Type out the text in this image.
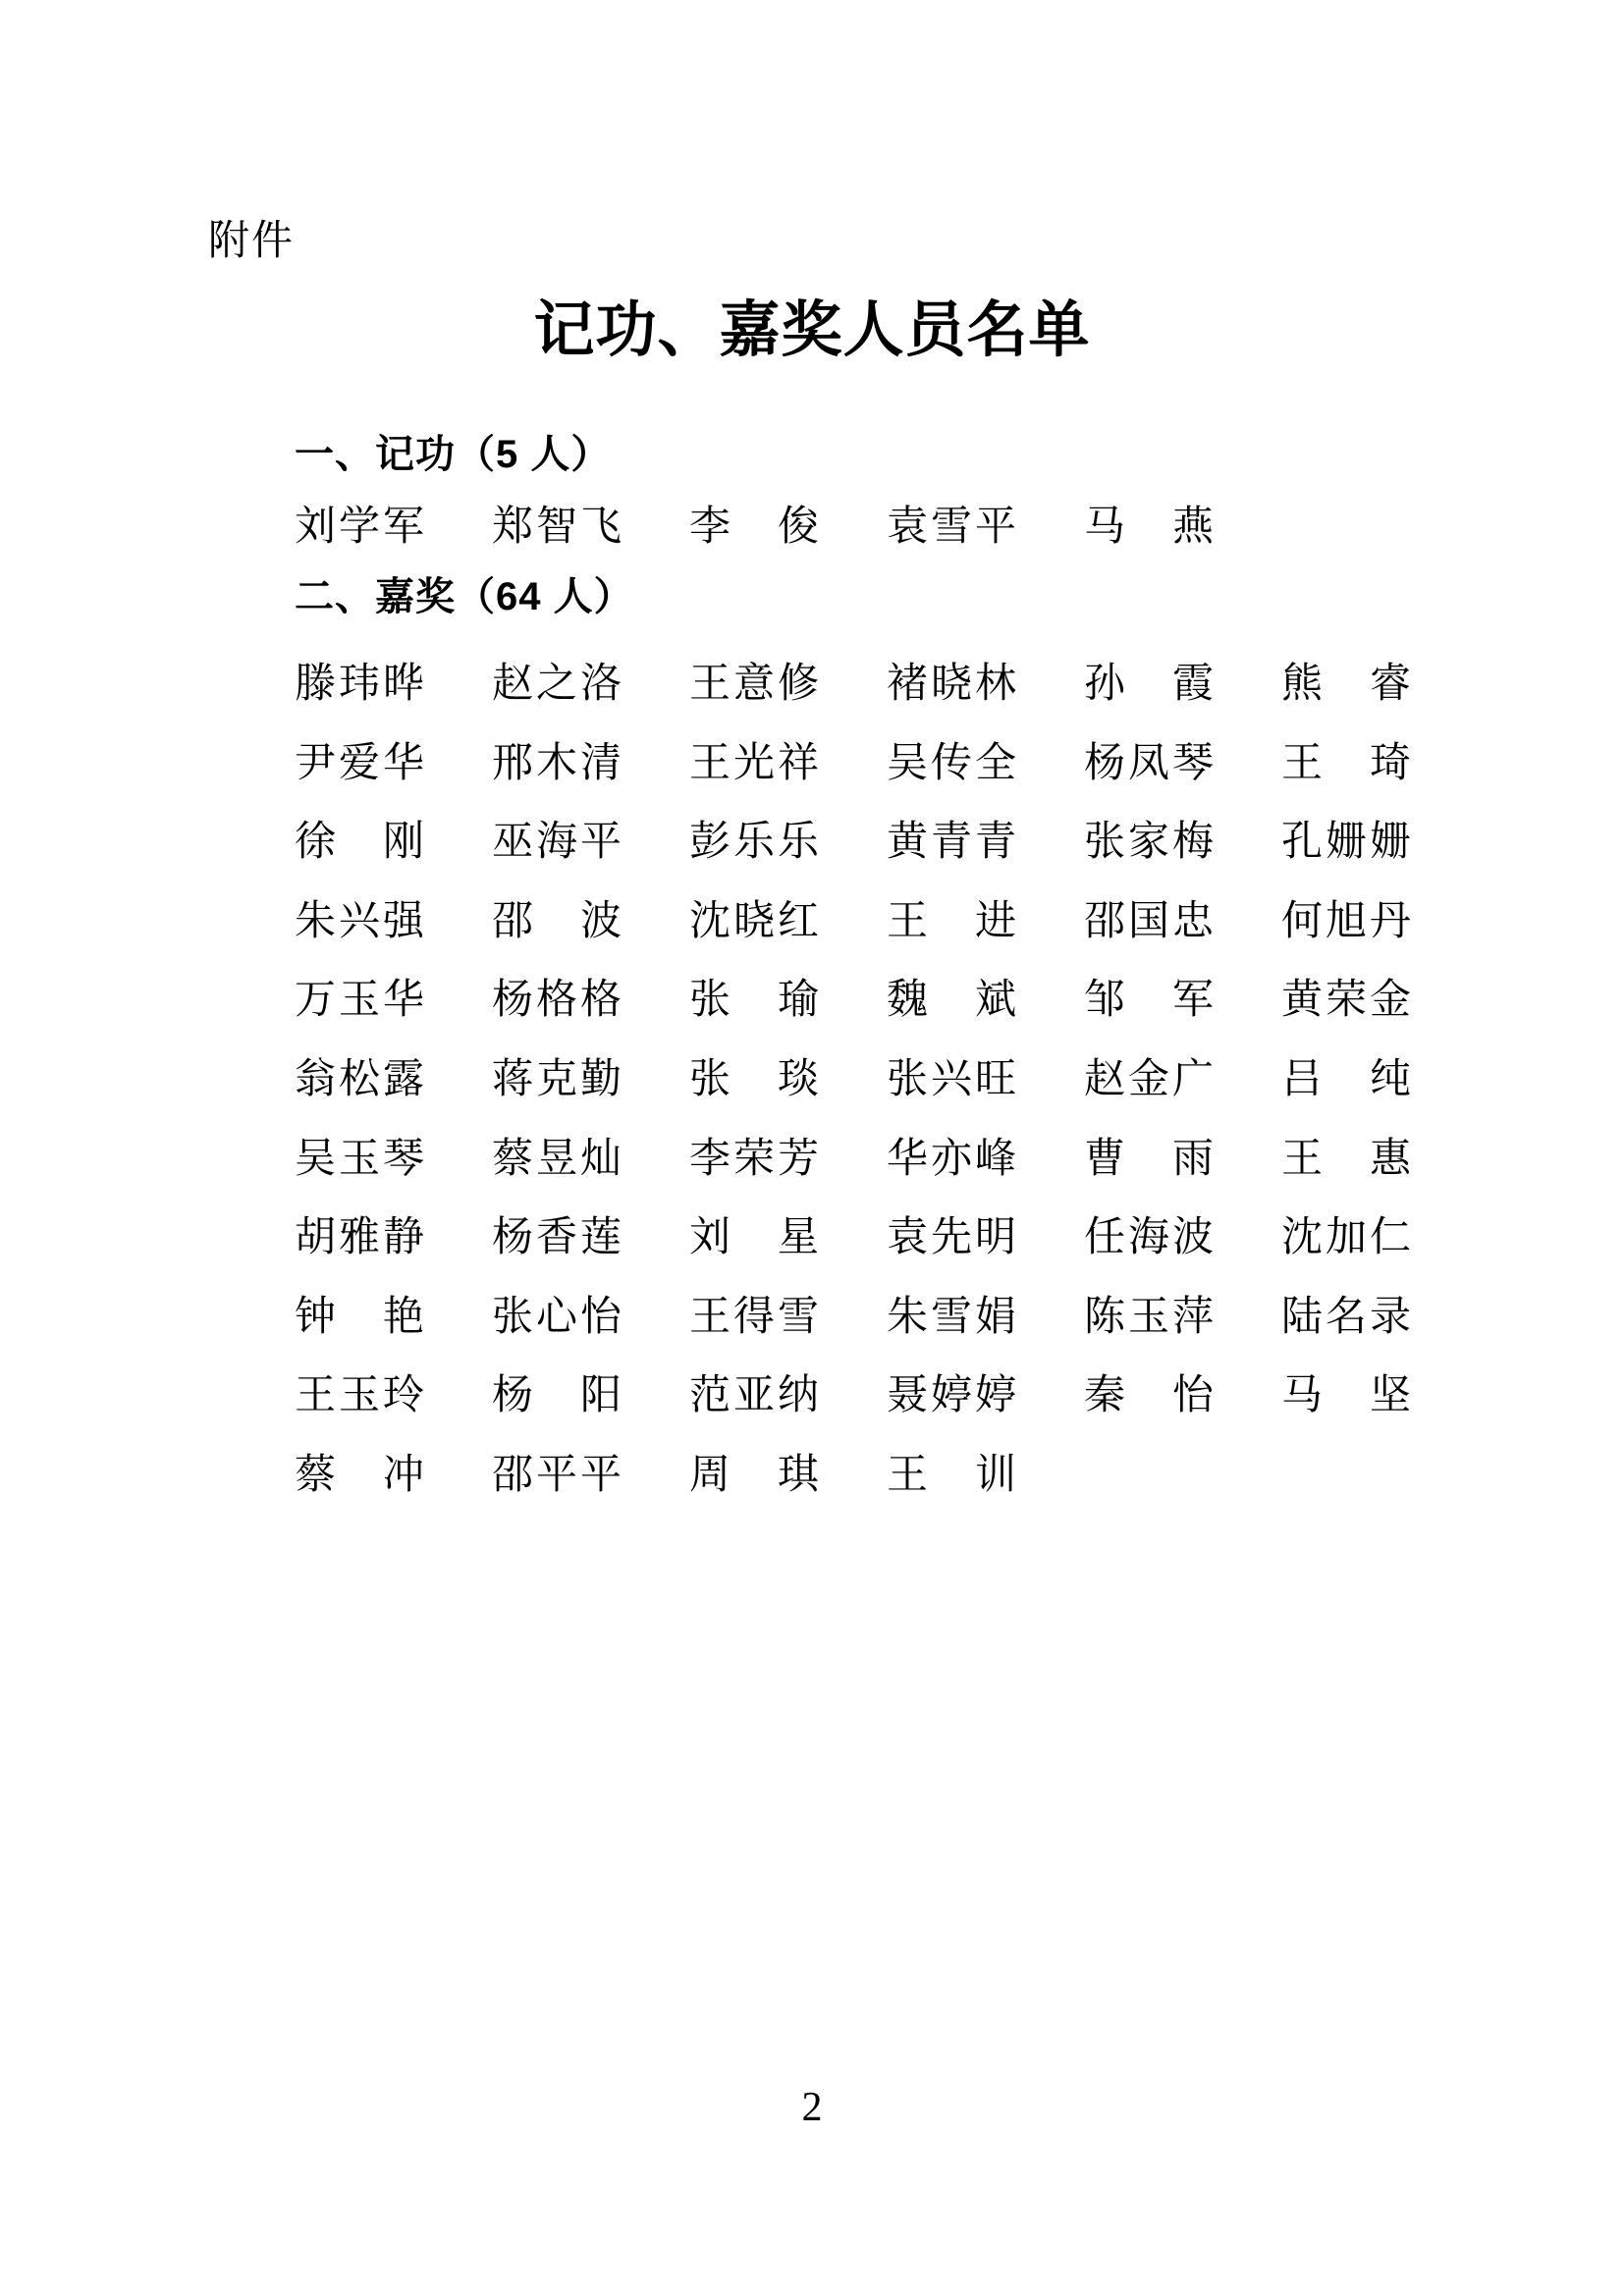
附件
记功、嘉奖人员名单
一、记功（5 人）
刘学军 郑智飞 李　俊 袁雪平 马　燕
二、嘉奖（64 人）
滕玮晔 赵之洛 王意修 褚晓林 孙　霞 熊　睿
尹爱华 邢木清 王光祥 吴传全 杨凤琴 王　琦
徐　刚 巫海平 彭乐乐 黄青青 张家梅 孔姗姗
朱兴强 邵　波 沈晓红 王　进 邵国忠 何旭丹
万玉华 杨格格 张　瑜 魏　斌 邹　军 黄荣金
翁松露 蒋克勤 张　琰 张兴旺 赵金广 吕　纯
吴玉琴 蔡昱灿 李荣芳 华亦峰 曹　雨 王　惠
胡雅静 杨香莲 刘　星 袁先明 任海波 沈加仁
钟　艳 张心怡 王得雪 朱雪娟 陈玉萍 陆名录
王玉玲 杨　阳 范亚纳 聂婷婷 秦　怡 马　坚
蔡　冲 邵平平 周　琪 王　训
2
